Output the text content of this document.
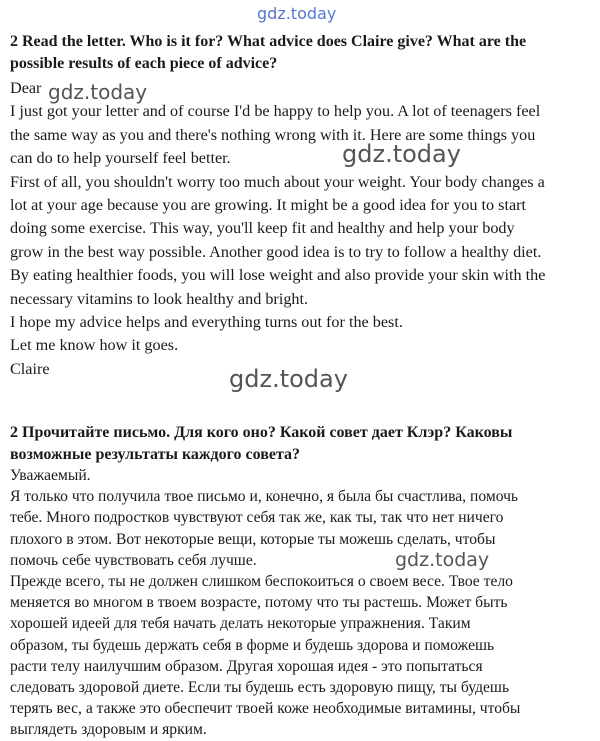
gdz.today
2 Read the letter. Who is it for? What advice does Claire give? What are the
possible results of each piece of advice?
Dear
I just got your letter and of course I'd be happy to help you. A lot of teenagers feel
the same way as you and there's nothing wrong with it. Here are some things you
can do to help yourself feel better.
First of all, you shouldn't worry too much about your weight. Your body changes a
lot at your age because you are growing. It might be a good idea for you to start
doing some exercise. This way, you'll keep fit and healthy and help your body
grow in the best way possible. Another good idea is to try to follow a healthy diet.
By eating healthier foods, you will lose weight and also provide your skin with the
necessary vitamins to look healthy and bright.
I hope my advice helps and everything turns out for the best.
Let me know how it goes.
Claire
gdz.today
gdz.today
gdz.today
2 Прочитайте письмо. Для кого оно? Какой совет дает Клэр? Каковы
возможные результаты каждого совета?
Уважаемый.
Я только что получила твое письмо и, конечно, я была бы счастлива, помочь
тебе. Много подростков чувствуют себя так же, как ты, так что нет ничего
плохого в этом. Вот некоторые вещи, которые ты можешь сделать, чтобы
помочь себе чувствовать себя лучше.
Прежде всего, ты не должен слишком беспокоиться о своем весе. Твое тело
меняется во многом в твоем возрасте, потому что ты растешь. Может быть
хорошей идеей для тебя начать делать некоторые упражнения. Таким
образом, ты будешь держать себя в форме и будешь здорова и поможешь
расти телу наилучшим образом. Другая хорошая идея - это попытаться
следовать здоровой диете. Если ты будешь есть здоровую пищу, ты будешь
терять вес, а также это обеспечит твоей коже необходимые витамины, чтобы
выглядеть здоровым и ярким.
gdz.today
